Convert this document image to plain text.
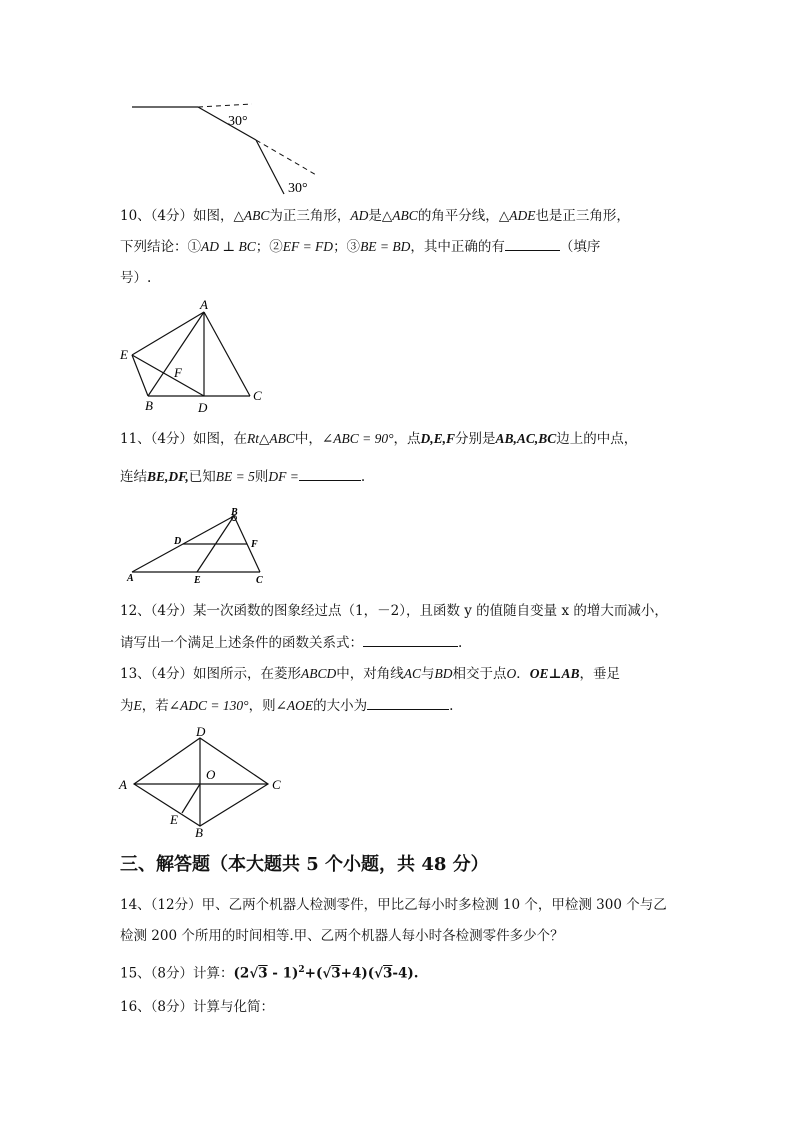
30°
30°
10、（4分）如图，△ABC为正三角形，AD是△ABC的角平分线，△ADE也是正三角形，
下列结论：①AD ⊥ BC；②EF = FD；③BE = BD，其中正确的有	（填序
号）.
A
E
F
B	D
C
11、（4分）如图，在Rt△ABC中，∠ABC = 90°，点D,E,F分别是AB,AC,BC边上的中点，
连结BE,DF,已知BE = 5则DF =	.
B
D	F
A	E	C
12、（4分）某一次函数的图象经过点（1，－2），且函数 y 的值随自变量 x 的增大而减小，
请写出一个满足上述条件的函数关系式：	.
13、（4分）如图所示，在菱形ABCD中，对角线AC与BD相交于点O．OE⊥AB，垂足
为E，若∠ADC = 130°，则∠AOE的大小为	.
D
A
O
C
E
B
三、解答题（本大题共 5 个小题，共 48 分）
14、（12分）甲、乙两个机器人检测零件，甲比乙每小时多检测 10 个，甲检测 300 个与乙
检测 200 个所用的时间相等.甲、乙两个机器人每小时各检测零件多少个？
15、（8分）计算：(2√3 - 1)$^2$+(√3+4)(√3-4).
16、（8分）计算与化简：
